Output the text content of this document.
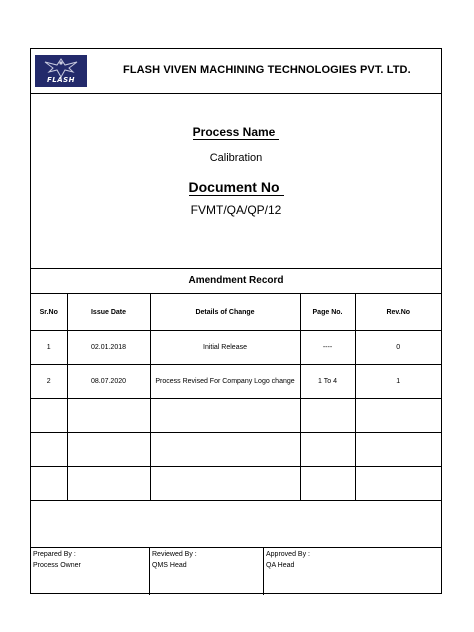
FLASH
FLASH VIVEN MACHINING TECHNOLOGIES PVT. LTD.
Process Name
Calibration
Document No
FVMT/QA/QP/12
Amendment Record
Sr.No	Issue Date	Details of Change	Page No.	Rev.No
1	02.01.2018	Initial Release	----	0
2	08.07.2020	Process Revised For Company Logo change	1 To 4	1

Prepared By :
Process Owner
Reviewed By :
QMS Head
Approved By :
QA Head
